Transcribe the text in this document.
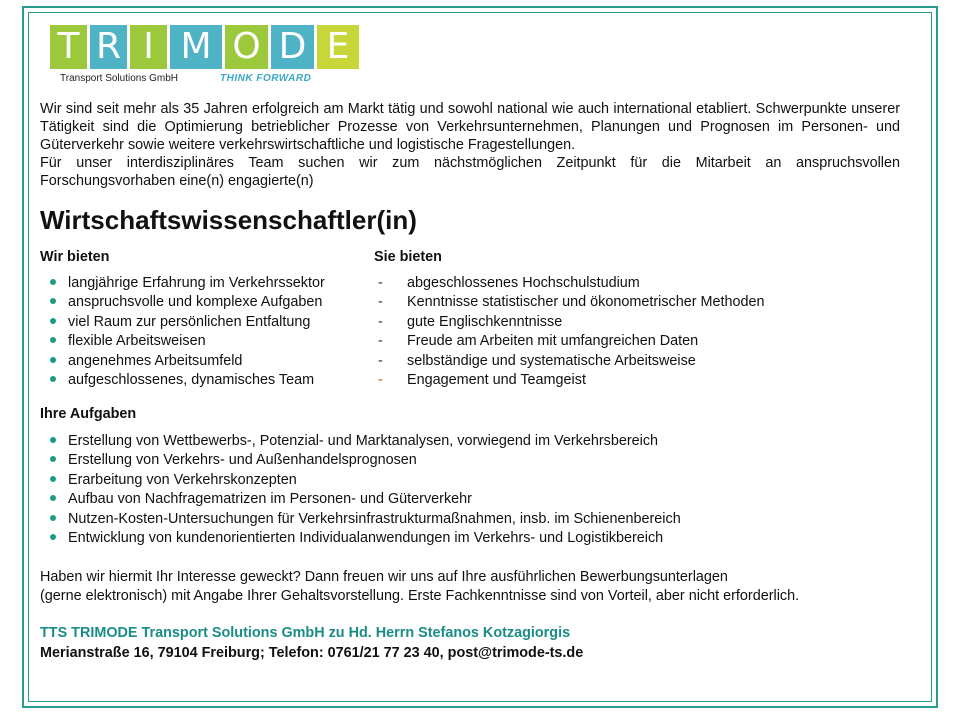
T R I M O D E
Transport Solutions GmbH	THINK FORWARD

Wir sind seit mehr als 35 Jahren erfolgreich am Markt tätig und sowohl national wie auch international etabliert. Schwerpunkte unserer Tätigkeit sind die Optimierung betrieblicher Prozesse von Verkehrsunternehmen, Planungen und Prognosen im Personen- und Güterverkehr sowie weitere verkehrswirtschaftliche und logistische Fragestellungen.

Für unser interdisziplinäres Team suchen wir zum nächstmöglichen Zeitpunkt für die Mitarbeit an anspruchsvollen Forschungsvorhaben eine(n) engagierte(n)

Wirtschaftswissenschaftler(in)
Wir bieten	Sie bieten
langjährige Erfahrung im Verkehrssektor
anspruchsvolle und komplexe Aufgaben
viel Raum zur persönlichen Entfaltung
flexible Arbeitsweisen
angenehmes Arbeitsumfeld
aufgeschlossenes, dynamisches Team
- abgeschlossenes Hochschulstudium
- Kenntnisse statistischer und ökonometrischer Methoden
- gute Englischkenntnisse
- Freude am Arbeiten mit umfangreichen Daten
- selbständige und systematische Arbeitsweise
- Engagement und Teamgeist
Ihre Aufgaben
Erstellung von Wettbewerbs-, Potenzial- und Marktanalysen, vorwiegend im Verkehrsbereich
Erstellung von Verkehrs- und Außenhandelsprognosen
Erarbeitung von Verkehrskonzepten
Aufbau von Nachfragematrizen im Personen- und Güterverkehr
Nutzen-Kosten-Untersuchungen für Verkehrsinfrastrukturmaßnahmen, insb. im Schienenbereich
Entwicklung von kundenorientierten Individualanwendungen im Verkehrs- und Logistikbereich

Haben wir hiermit Ihr Interesse geweckt? Dann freuen wir uns auf Ihre ausführlichen Bewerbungsunterlagen

(gerne elektronisch) mit Angabe Ihrer Gehaltsvorstellung. Erste Fachkenntnisse sind von Vorteil, aber nicht erforderlich.

TTS TRIMODE Transport Solutions GmbH zu Hd. Herrn Stefanos Kotzagiorgis
Merianstraße 16, 79104 Freiburg; Telefon: 0761/21 77 23 40, post@trimode-ts.de
